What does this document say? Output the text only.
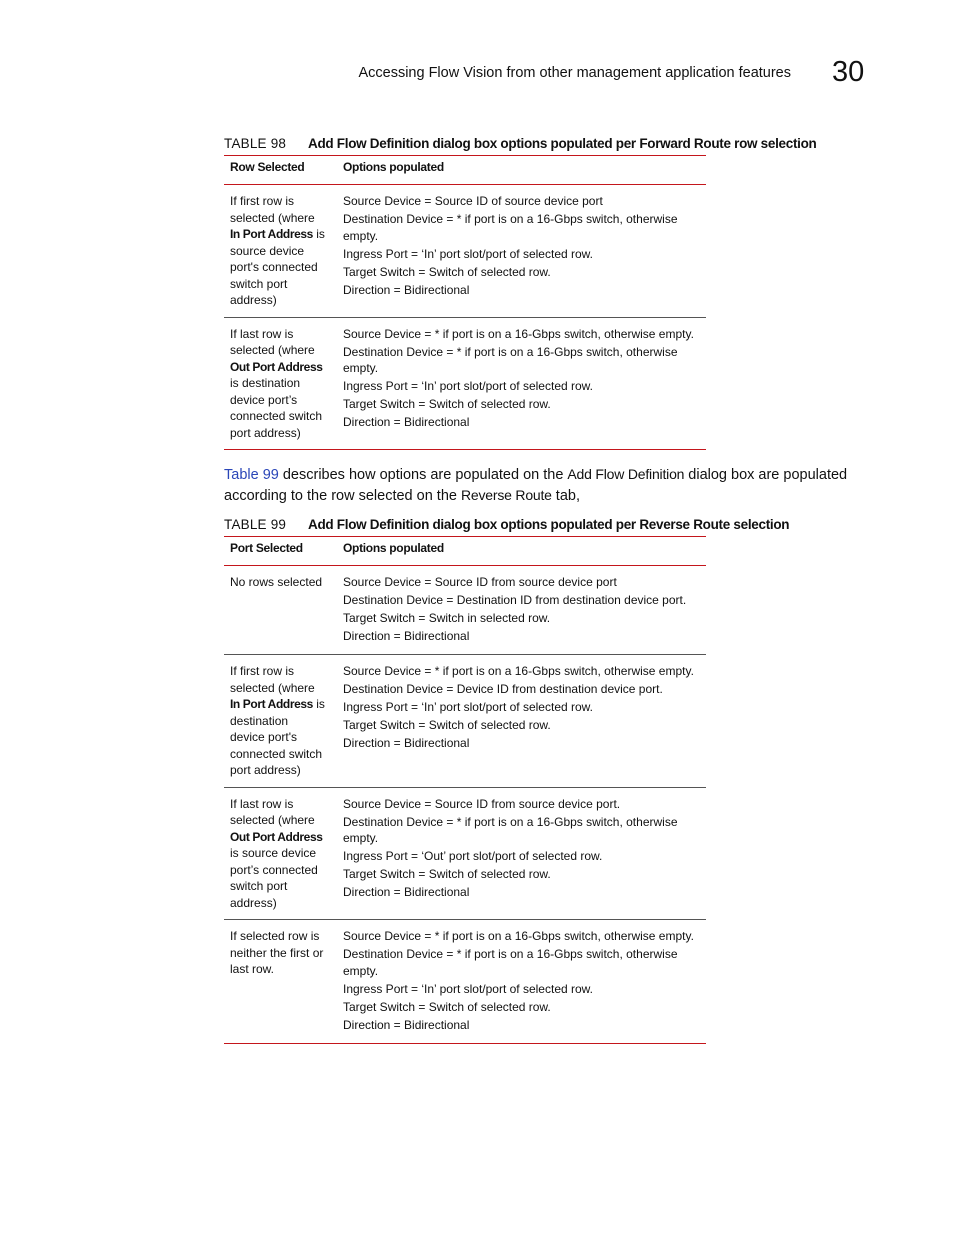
Accessing Flow Vision from other management application features 30
TABLE 98 Add Flow Definition dialog box options populated per Forward Route row selection
Row Selected	Options populated
If first row is selected (where In Port Address is source device port's connected switch port address)	Source Device = Source ID of source device port
Destination Device = * if port is on a 16-Gbps switch, otherwise empty.
Ingress Port = ‘In’ port slot/port of selected row.
Target Switch = Switch of selected row.
Direction = Bidirectional

If last row is selected (where Out Port Address is destination device port’s connected switch port address)	Source Device = * if port is on a 16-Gbps switch, otherwise empty.
Destination Device = * if port is on a 16-Gbps switch, otherwise empty.
Ingress Port = ‘In’ port slot/port of selected row.
Target Switch = Switch of selected row.
Direction = Bidirectional
Table 99 describes how options are populated on the Add Flow Definition dialog box are populated according to the row selected on the Reverse Route tab,
TABLE 99 Add Flow Definition dialog box options populated per Reverse Route selection
Port Selected	Options populated
No rows selected	Source Device = Source ID from source device port
Destination Device = Destination ID from destination device port.
Target Switch = Switch in selected row.
Direction = Bidirectional

If first row is selected (where In Port Address is destination device port's connected switch port address)	Source Device = * if port is on a 16-Gbps switch, otherwise empty.
Destination Device = Device ID from destination device port.
Ingress Port = ‘In’ port slot/port of selected row.
Target Switch = Switch of selected row.
Direction = Bidirectional

If last row is selected (where Out Port Address is source device port’s connected switch port address)	Source Device = Source ID from source device port.
Destination Device = * if port is on a 16-Gbps switch, otherwise empty.
Ingress Port = ‘Out’ port slot/port of selected row.
Target Switch = Switch of selected row.
Direction = Bidirectional

If selected row is neither the first or last row.	Source Device = * if port is on a 16-Gbps switch, otherwise empty.
Destination Device = * if port is on a 16-Gbps switch, otherwise empty.
Ingress Port = ‘In’ port slot/port of selected row.
Target Switch = Switch of selected row.
Direction = Bidirectional
